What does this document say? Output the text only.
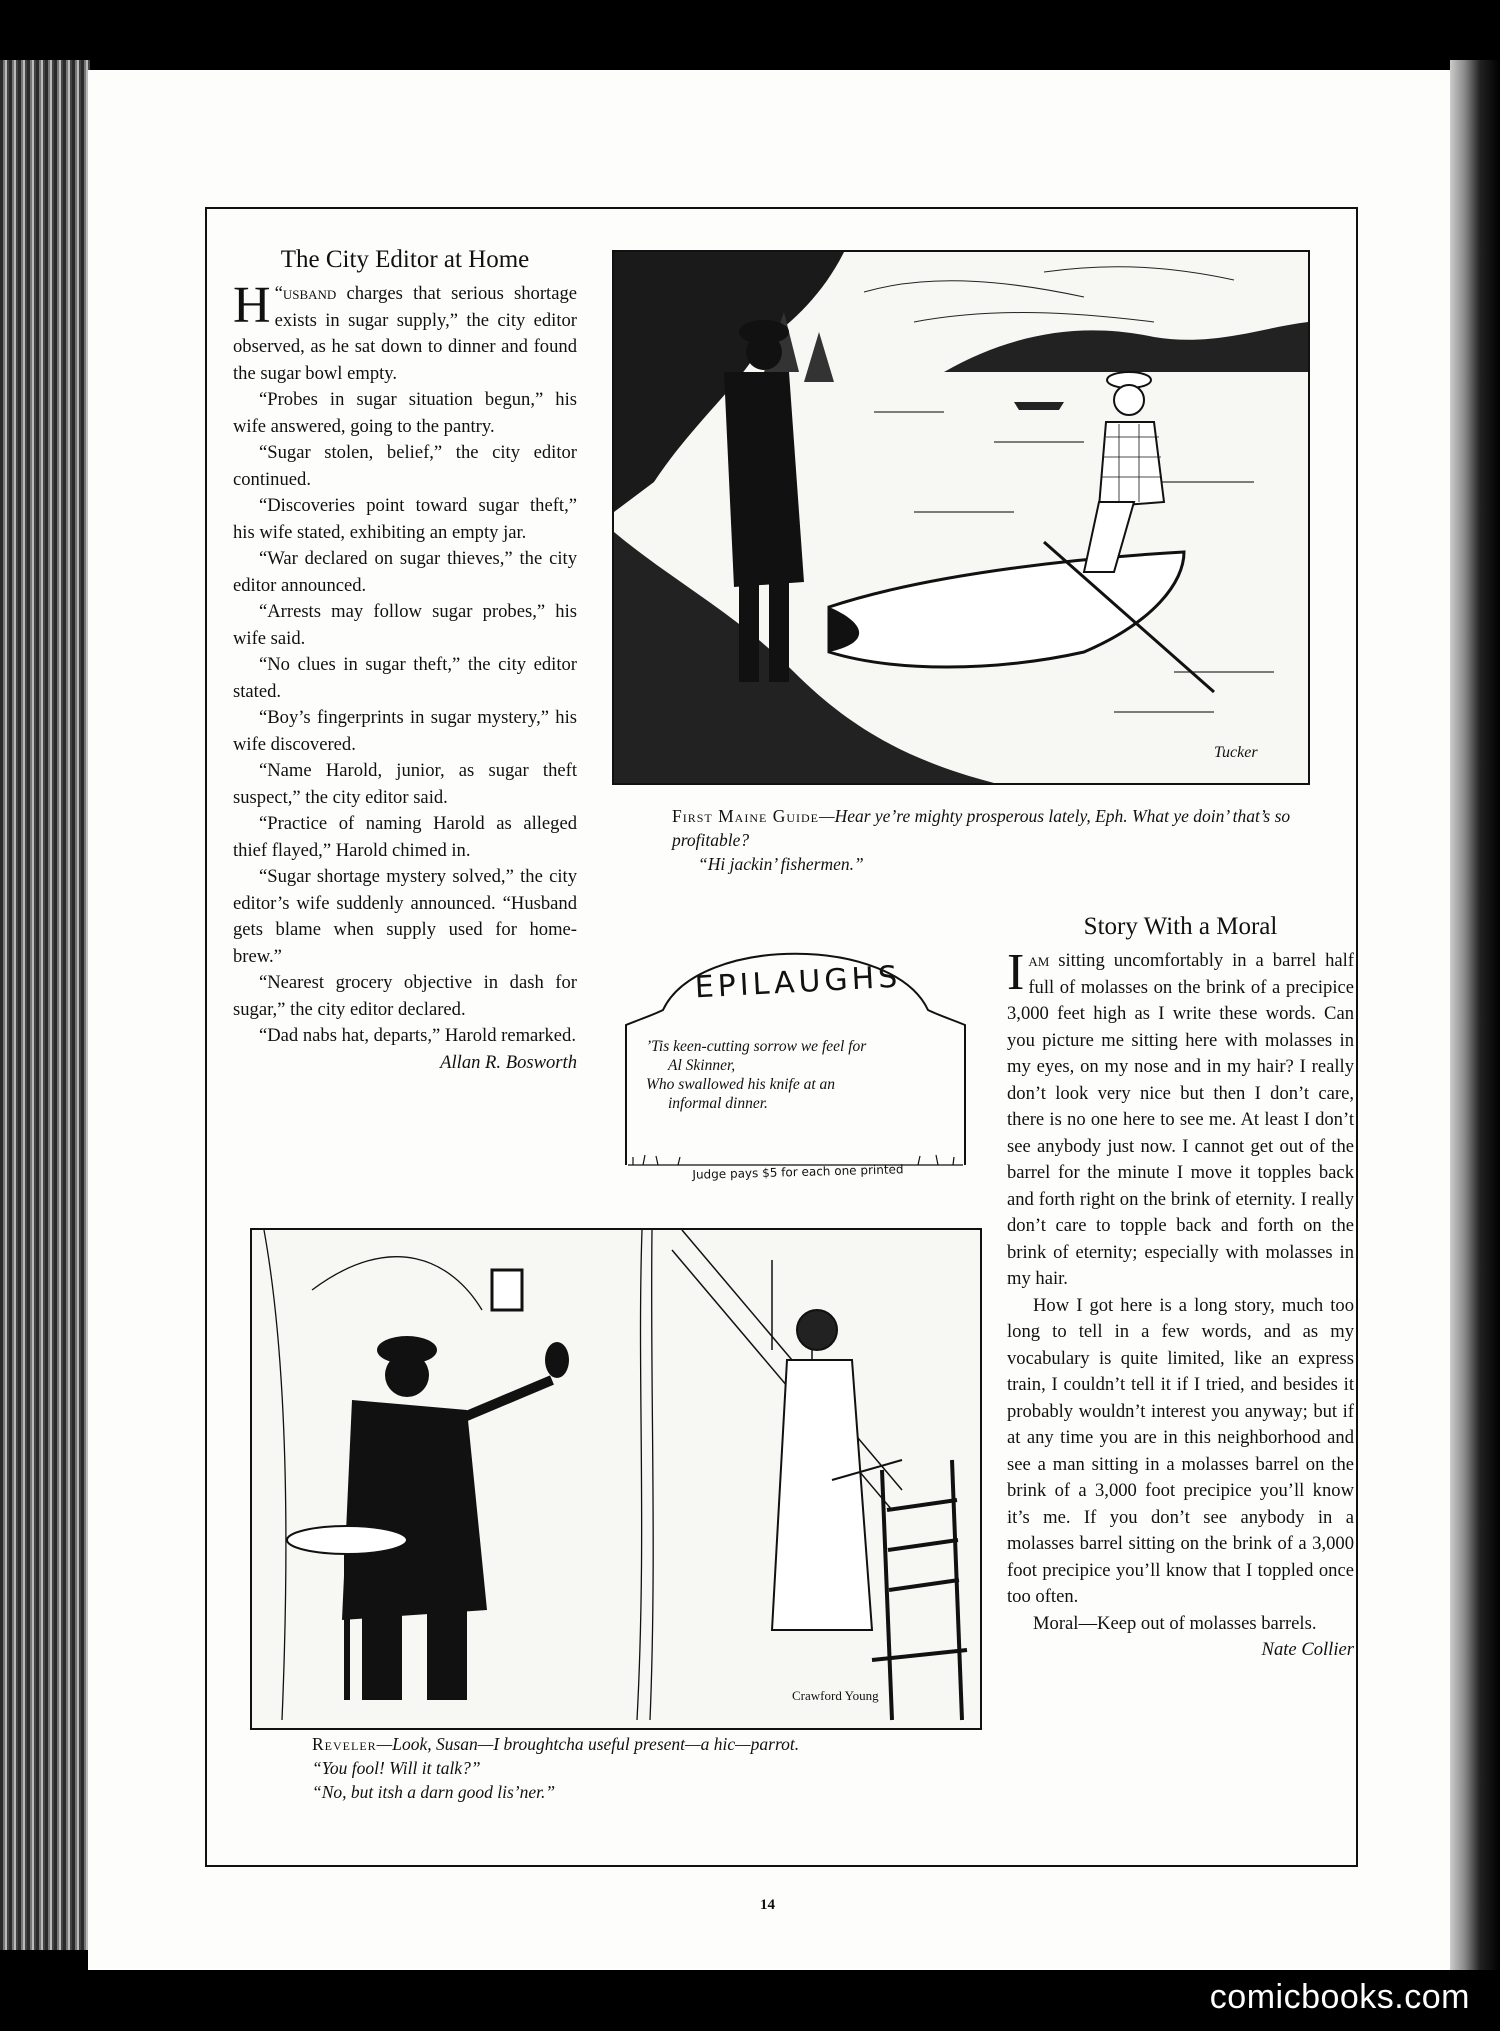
The City Editor at Home

“
H usband charges that serious shortage exists in sugar supply,” the city editor observed, as he sat down to dinner and found the sugar bowl empty.

“Probes in sugar situation begun,” his wife answered, going to the pantry.

“Sugar stolen, belief,” the city editor continued.

“Discoveries point toward sugar theft,” his wife stated, exhibiting an empty jar.

“War declared on sugar thieves,” the city editor announced.

“Arrests may follow sugar probes,” his wife said.

“No clues in sugar theft,” the city editor stated.

“Boy’s fingerprints in sugar mystery,” his wife discovered.

“Name Harold, junior, as sugar theft suspect,” the city editor said.

“Practice of naming Harold as alleged thief flayed,” Harold chimed in.

“Sugar shortage mystery solved,” the city editor’s wife suddenly announced. “Husband gets blame when supply used for home-brew.”

“Nearest grocery objective in dash for sugar,” the city editor declared.

“Dad nabs hat, departs,” Harold remarked.
Allan R. Bosworth

Tucker
First Maine Guide—Hear ye’re mighty prosperous lately, Eph. What ye doin’ that’s so profitable?
“Hi jackin’ fishermen.”
EPILAUGHS
’Tis keen-cutting sorrow we feel for
Al Skinner,
Who swallowed his knife at an
informal dinner.
Judge pays $5 for each one printed
Story With a Moral

Iam sitting uncomfortably in a barrel half full of molasses on the brink of a precipice 3,000 feet high as I write these words. Can you picture me sitting here with molasses in my eyes, on my nose and in my hair? I really don’t look very nice but then I don’t care, there is no one here to see me. At least I don’t see anybody just now. I cannot get out of the barrel for the minute I move it topples back and forth right on the brink of eternity. I really don’t care to topple back and forth on the brink of eternity; especially with molasses in my hair.

How I got here is a long story, much too long to tell in a few words, and as my vocabulary is quite limited, like an express train, I couldn’t tell it if I tried, and besides it probably wouldn’t interest you anyway; but if at any time you are in this neighborhood and see a man sitting in a molasses barrel on the brink of a 3,000 foot precipice you’ll know it’s me. If you don’t see anybody in a molasses barrel sitting on the brink of a 3,000 foot precipice you’ll know that I toppled once too often.

Moral—Keep out of molasses barrels.
Nate Collier

Crawford Young
Reveler—Look, Susan—I broughtcha useful present—a hic—parrot.
“You fool! Will it talk?”
“No, but itsh a darn good lis’ner.”
14
comicbooks.com
